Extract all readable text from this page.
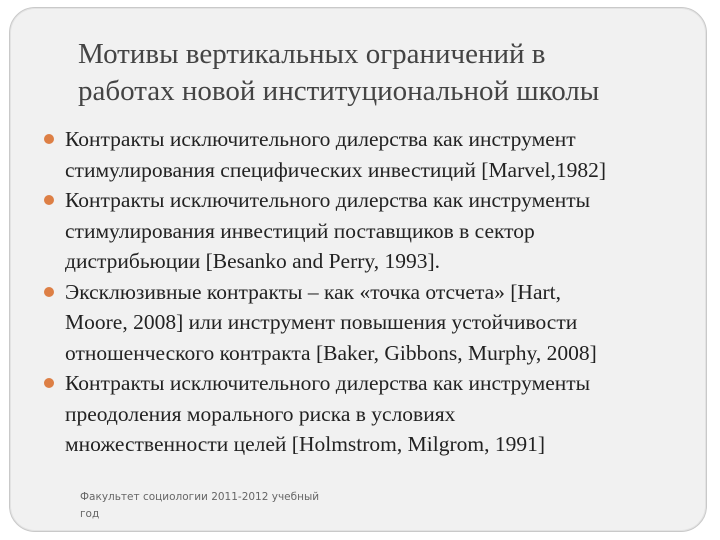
Мотивы вертикальных ограничений в
работах новой институциональной школы
Контракты исключительного дилерства как инструмент
стимулирования специфических инвестиций [Marvel,1982]
Контракты исключительного дилерства как инструменты
стимулирования инвестиций поставщиков в сектор
дистрибьюции [Besanko and Perry, 1993].
Эксклюзивные контракты – как «точка отсчета» [Hart,
Moore, 2008] или инструмент повышения устойчивости
отношенческого контракта [Baker, Gibbons, Murphy, 2008]
Контракты исключительного дилерства как инструменты
преодоления морального риска в условиях
множественности целей [Holmstrom, Milgrom, 1991]
Факультет социологии 2011-2012 учебный
год
